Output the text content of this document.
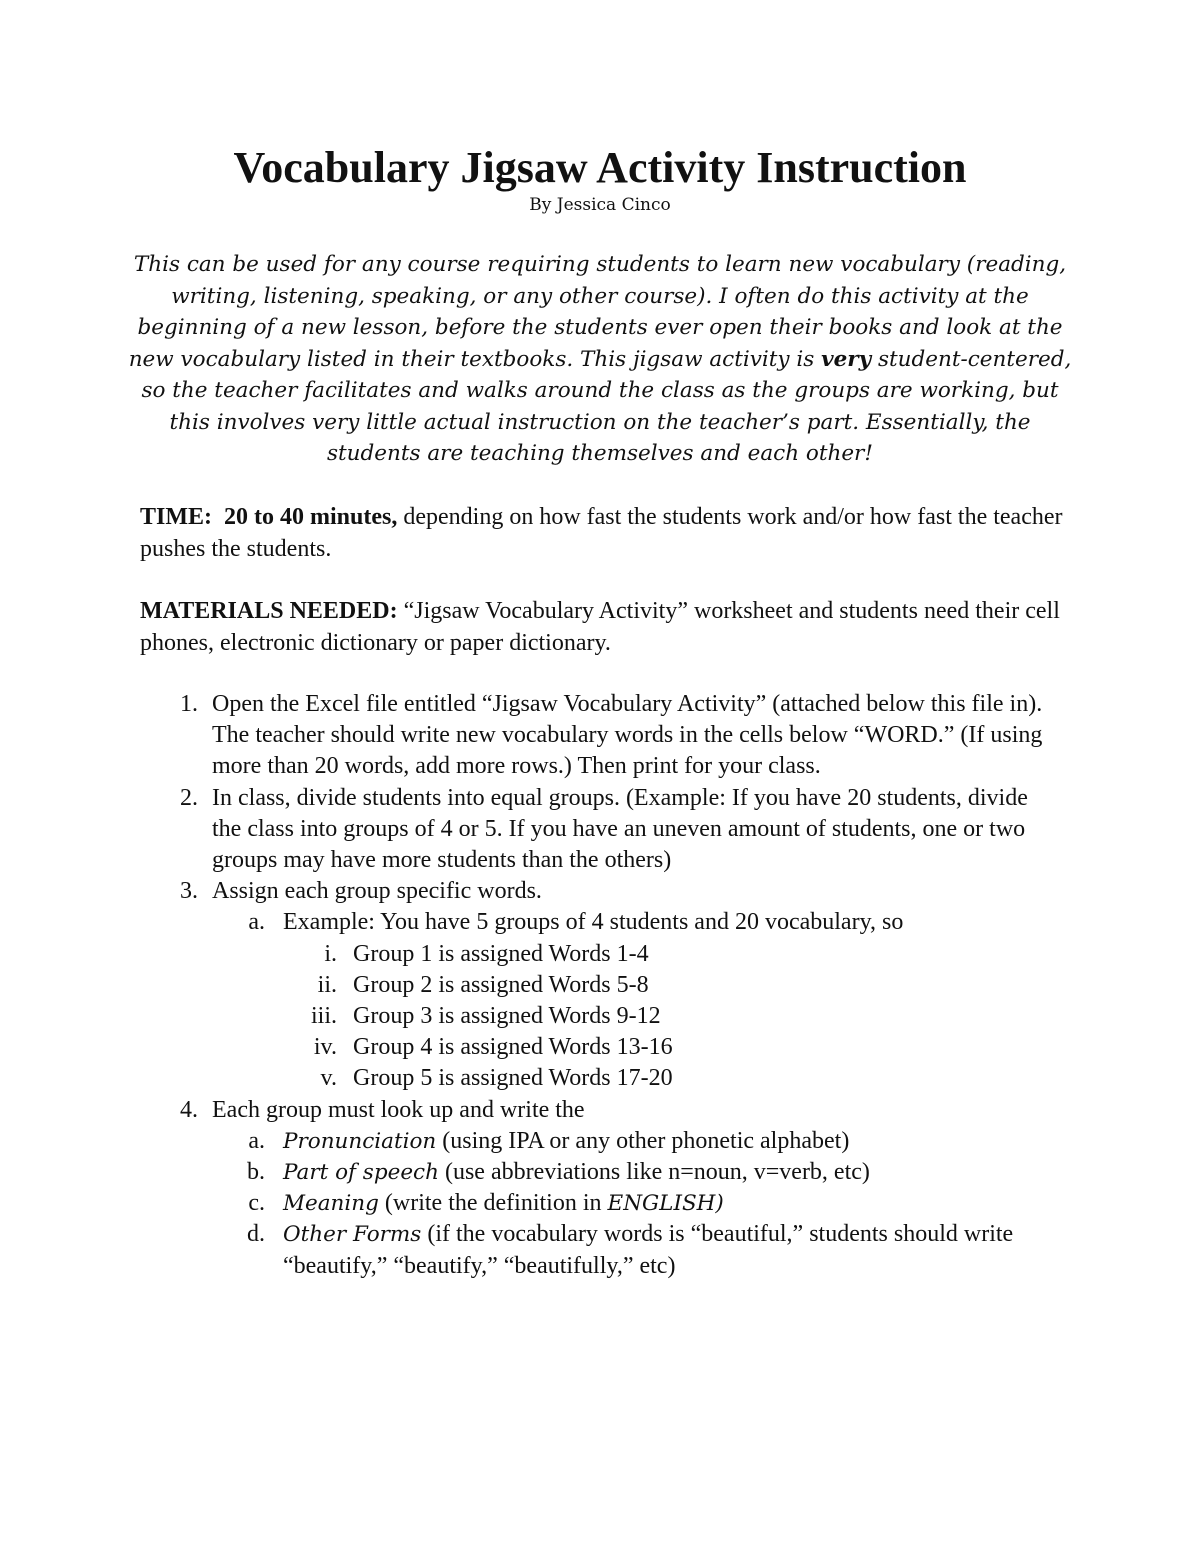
Vocabulary Jigsaw Activity Instruction
By Jessica Cinco

This can be used for any course requiring students to learn new vocabulary (reading, writing, listening, speaking, or any other course). I often do this activity at the beginning of a new lesson, before the students ever open their books and look at the new vocabulary listed in their textbooks. This jigsaw activity is very student-centered, so the teacher facilitates and walks around the class as the groups are working, but this involves very little actual instruction on the teacher’s part. Essentially, the students are teaching themselves and each other!

TIME: 20 to 40 minutes, depending on how fast the students work and/or how fast the teacher pushes the students.

MATERIALS NEEDED: “Jigsaw Vocabulary Activity” worksheet and students need their cell phones, electronic dictionary or paper dictionary.

1. Open the Excel file entitled “Jigsaw Vocabulary Activity” (attached below this file in). The teacher should write new vocabulary words in the cells below “WORD.” (If using more than 20 words, add more rows.) Then print for your class.
2. In class, divide students into equal groups. (Example: If you have 20 students, divide the class into groups of 4 or 5. If you have an uneven amount of students, one or two groups may have more students than the others)
3. Assign each group specific words.
a. Example: You have 5 groups of 4 students and 20 vocabulary, so
i. Group 1 is assigned Words 1-4
ii. Group 2 is assigned Words 5-8
iii. Group 3 is assigned Words 9-12
iv. Group 4 is assigned Words 13-16
v. Group 5 is assigned Words 17-20
4. Each group must look up and write the
a. Pronunciation (using IPA or any other phonetic alphabet)
b. Part of speech (use abbreviations like n=noun, v=verb, etc)
c. Meaning (write the definition in ENGLISH)
d. Other Forms (if the vocabulary words is “beautiful,” students should write “beautify,” “beautify,” “beautifully,” etc)
